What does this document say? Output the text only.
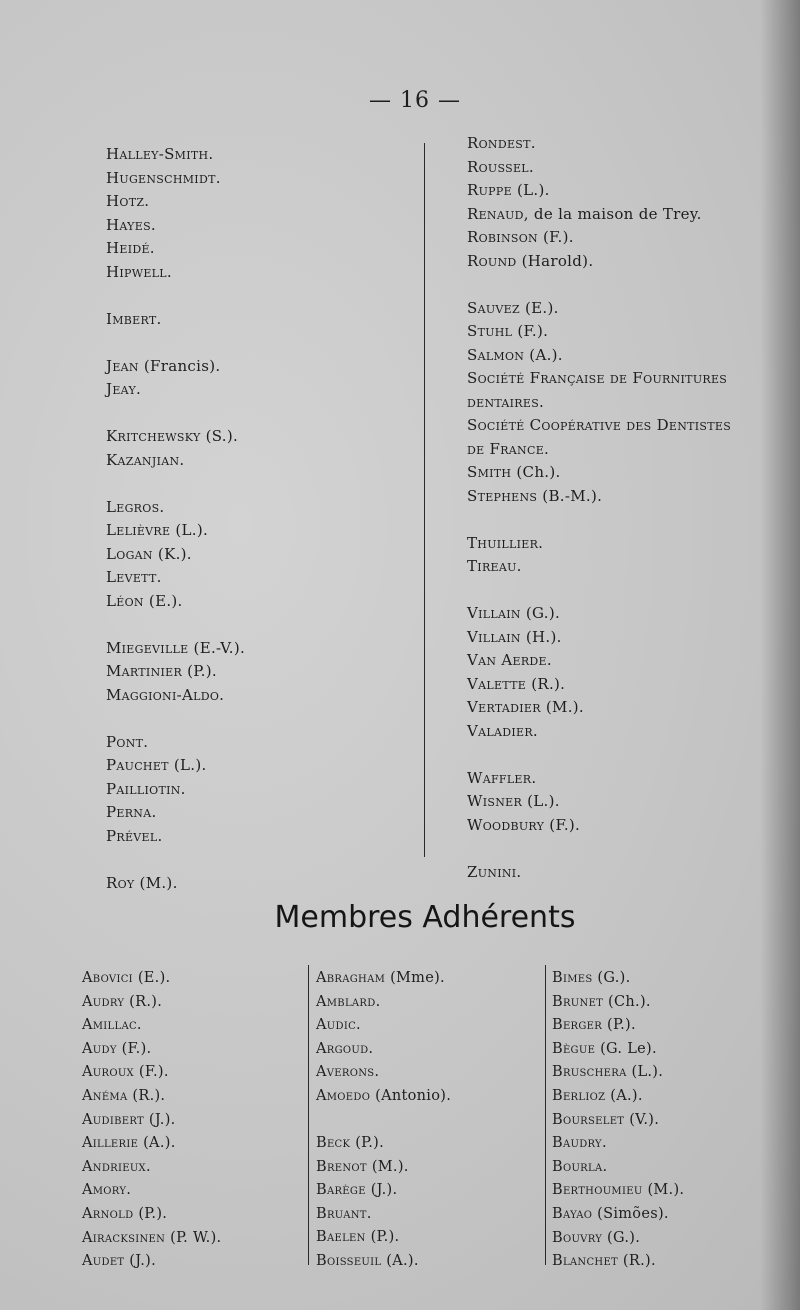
— 16 —
Halley-Smith.
Hugenschmidt.
Hotz.
Hayes.
Heidé.
Hipwell.
Imbert.
Jean (Francis).
Jeay.
Kritchewsky (S.).
Kazanjian.
Legros.
Lelièvre (L.).
Logan (K.).
Levett.
Léon (E.).
Miegeville (E.-V.).
Martinier (P.).
Maggioni-Aldo.
Pont.
Pauchet (L.).
Pailliotin.
Perna.
Prével.
Roy (M.).
Rondest.
Roussel.
Ruppe (L.).
Renaud, de la maison de Trey.
Robinson (F.).
Round (Harold).
Sauvez (E.).
Stuhl (F.).
Salmon (A.).
Société Française de Fournitures
dentaires.
Société Coopérative des Dentistes
de France.
Smith (Ch.).
Stephens (B.-M.).
Thuillier.
Tireau.
Villain (G.).
Villain (H.).
Van Aerde.
Valette (R.).
Vertadier (M.).
Valadier.
Waffler.
Wisner (L.).
Woodbury (F.).
Zunini.
Membres Adhérents
Abovici (E.).
Audry (R.).
Amillac.
Audy (F.).
Auroux (F.).
Anéma (R.).
Audibert (J.).
Aillerie (A.).
Andrieux.
Amory.
Arnold (P.).
Airacksinen (P. W.).
Audet (J.).
Abragham (Mme).
Amblard.
Audic.
Argoud.
Averons.
Amoedo (Antonio).
Beck (P.).
Brenot (M.).
Barège (J.).
Bruant.
Baelen (P.).
Boisseuil (A.).
Bimes (G.).
Brunet (Ch.).
Berger (P.).
Bègue (G. Le).
Bruschera (L.).
Berlioz (A.).
Bourselet (V.).
Baudry.
Bourla.
Berthoumieu (M.).
Bayao (Simões).
Bouvry (G.).
Blanchet (R.).
